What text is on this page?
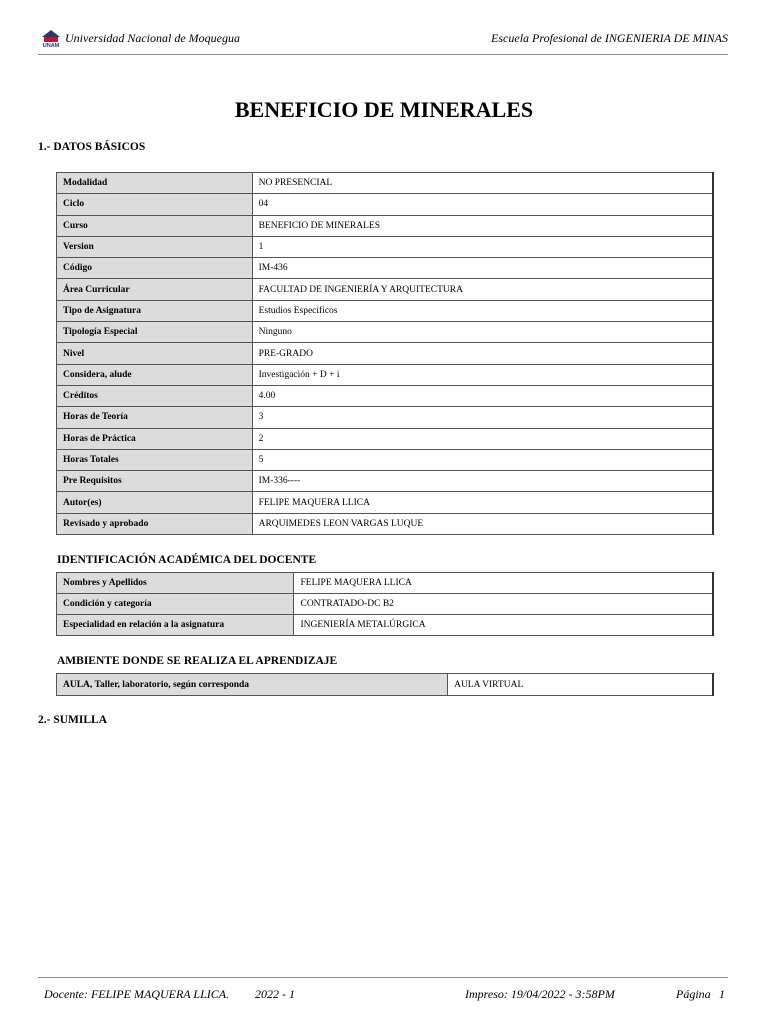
UNAM
Universidad Nacional de Moquegua	Escuela Profesional de INGENIERIA DE MINAS
BENEFICIO DE MINERALES
1.- DATOS BÁSICOS
Modalidad	NO PRESENCIAL
Ciclo	04
Curso	BENEFICIO DE MINERALES
Version	1
Código	IM-436
Área Curricular	FACULTAD DE INGENIERÍA Y ARQUITECTURA
Tipo de Asignatura	Estudios Especificos
Tipología Especial	Ninguno
Nivel	PRE-GRADO
Considera, alude	Investigación + D + i
Créditos	4.00
Horas de Teoría	3
Horas de Práctica	2
Horas Totales	5
Pre Requisitos	IM-336----
Autor(es)	FELIPE MAQUERA LLICA
Revisado y aprobado	ARQUIMEDES LEON VARGAS LUQUE
IDENTIFICACIÓN ACADÉMICA DEL DOCENTE
Nombres y Apellidos	FELIPE MAQUERA LLICA
Condición y categoría	CONTRATADO-DC B2
Especialidad en relación a la asignatura	INGENIERÍA METALÚRGICA
AMBIENTE DONDE SE REALIZA EL APRENDIZAJE
AULA, Taller, laboratorio, según corresponda	AULA VIRTUAL
2.- SUMILLA
Docente: FELIPE MAQUERA LLICA. 2022 - 1	Impreso: 19/04/2022 - 3:58PM	Página 1
